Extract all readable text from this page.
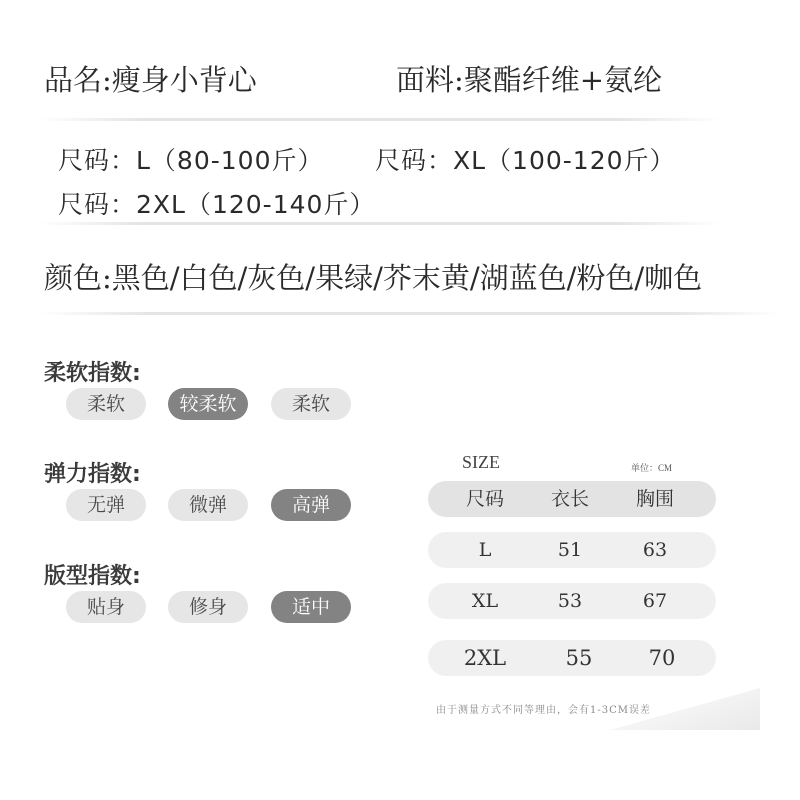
品名:瘦身小背心	面料:聚酯纤维+氨纶
尺码：L（80-100斤） 尺码：XL（100-120斤）
尺码：2XL（120-140斤）
颜色:黑色/白色/灰色/果绿/芥末黄/湖蓝色/粉色/咖色
柔软指数:
柔软	较柔软	柔软
弹力指数:
无弹	微弹	高弹
版型指数:
贴身	修身	适中
SIZE	单位：CM
尺码	衣长	胸围
L	51	63
XL	53	67
2XL	55	70
由于测量方式不同等理由，会有1-3CM误差
